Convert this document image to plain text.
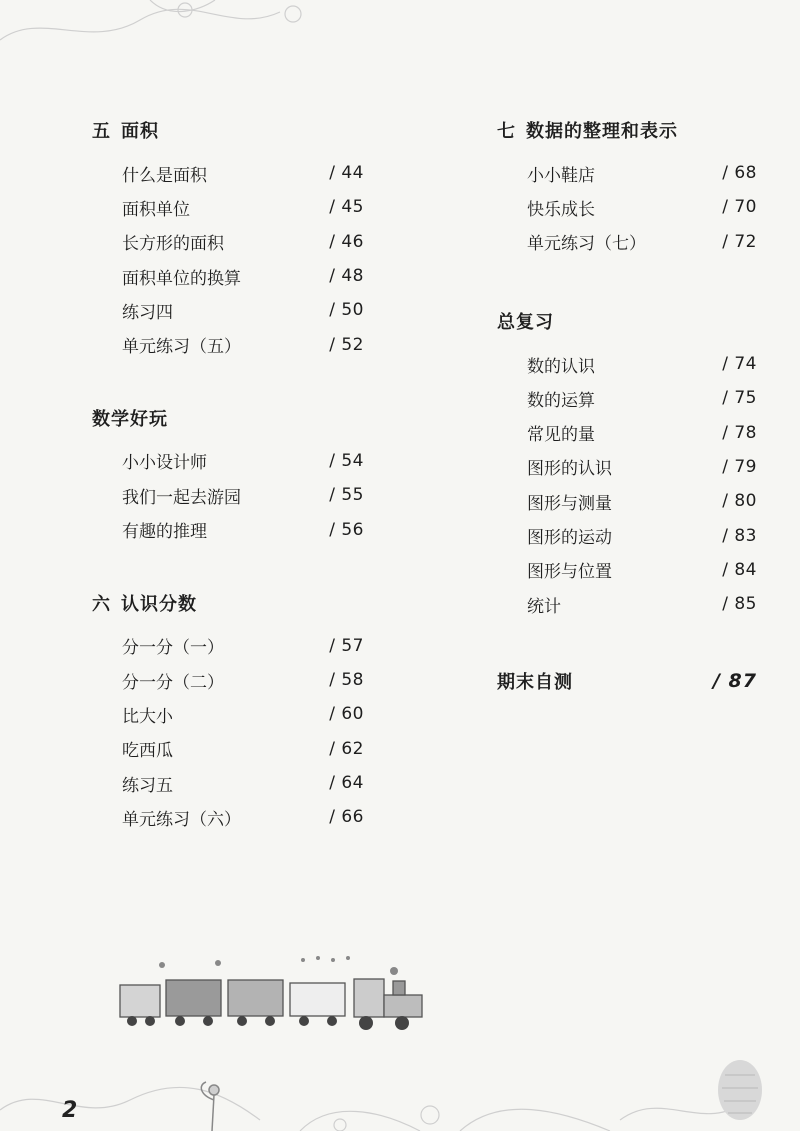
五 面积
什么是面积	/ 44
面积单位	/ 45
长方形的面积	/ 46
面积单位的换算	/ 48
练习四	/ 50
单元练习（五）	/ 52
数学好玩
小小设计师	/ 54
我们一起去游园	/ 55
有趣的推理	/ 56
六 认识分数
分一分（一）	/ 57
分一分（二）	/ 58
比大小	/ 60
吃西瓜	/ 62
练习五	/ 64
单元练习（六）	/ 66
七 数据的整理和表示
小小鞋店	/ 68
快乐成长	/ 70
单元练习（七）	/ 72
总复习
数的认识	/ 74
数的运算	/ 75
常见的量	/ 78
图形的认识	/ 79
图形与测量	/ 80
图形的运动	/ 83
图形与位置	/ 84
统计	/ 85
期末自测	/ 87
2
